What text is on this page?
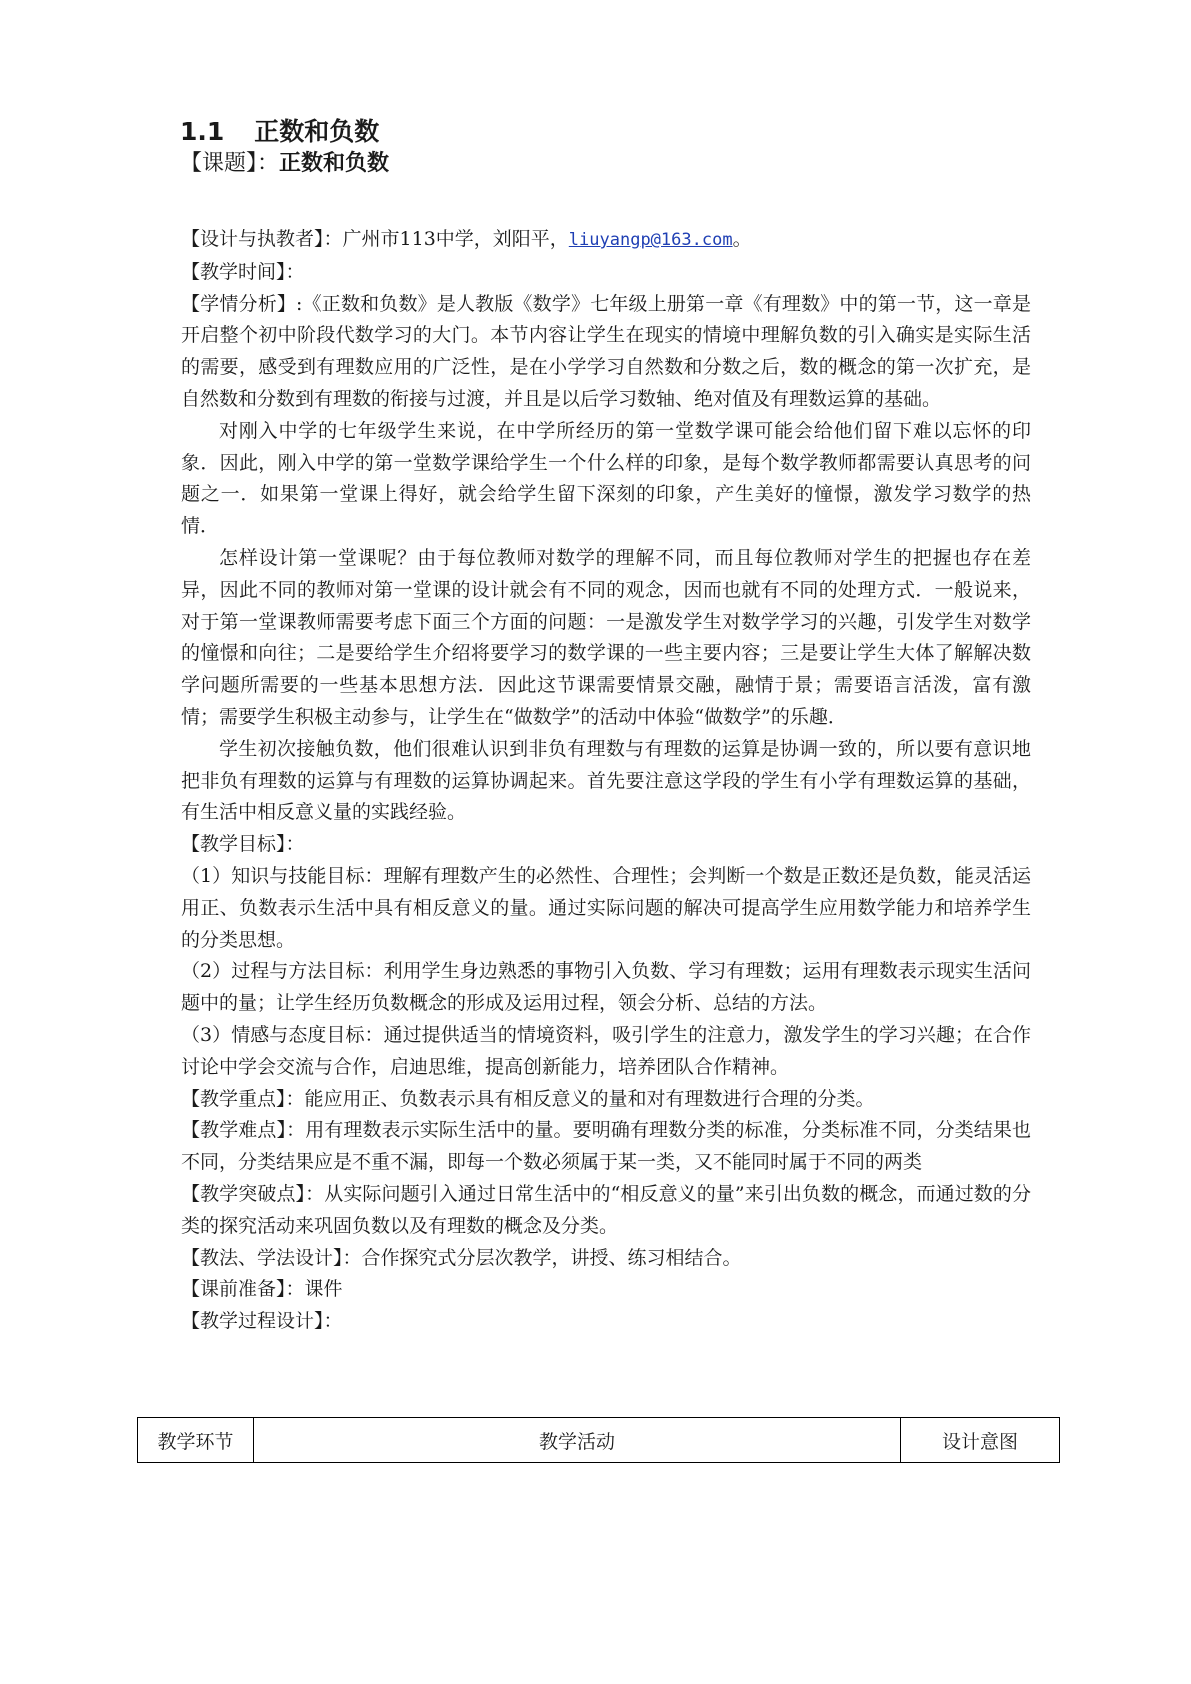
1.1 正数和负数
【课题】：正数和负数

【设计与执教者】：广州市113中学，刘阳平，liuyangp@163.com。

【教学时间】：

【学情分析】:《正数和负数》是人教版《数学》七年级上册第一章《有理数》中的第一节，这一章是开启整个初中阶段代数学习的大门。本节内容让学生在现实的情境中理解负数的引入确实是实际生活的需要，感受到有理数应用的广泛性，是在小学学习自然数和分数之后，数的概念的第一次扩充，是自然数和分数到有理数的衔接与过渡，并且是以后学习数轴、绝对值及有理数运算的基础。

对刚入中学的七年级学生来说，在中学所经历的第一堂数学课可能会给他们留下难以忘怀的印象．因此，刚入中学的第一堂数学课给学生一个什么样的印象，是每个数学教师都需要认真思考的问题之一．如果第一堂课上得好，就会给学生留下深刻的印象，产生美好的憧憬，激发学习数学的热情．

怎样设计第一堂课呢？由于每位教师对数学的理解不同，而且每位教师对学生的把握也存在差异，因此不同的教师对第一堂课的设计就会有不同的观念，因而也就有不同的处理方式．一般说来，对于第一堂课教师需要考虑下面三个方面的问题：一是激发学生对数学学习的兴趣，引发学生对数学的憧憬和向往；二是要给学生介绍将要学习的数学课的一些主要内容；三是要让学生大体了解解决数学问题所需要的一些基本思想方法．因此这节课需要情景交融，融情于景；需要语言活泼，富有激情；需要学生积极主动参与，让学生在“做数学”的活动中体验“做数学”的乐趣．

学生初次接触负数，他们很难认识到非负有理数与有理数的运算是协调一致的，所以要有意识地把非负有理数的运算与有理数的运算协调起来。首先要注意这学段的学生有小学有理数运算的基础，有生活中相反意义量的实践经验。

【教学目标】：

（1）知识与技能目标：理解有理数产生的必然性、合理性；会判断一个数是正数还是负数，能灵活运用正、负数表示生活中具有相反意义的量。通过实际问题的解决可提高学生应用数学能力和培养学生的分类思想。

（2）过程与方法目标：利用学生身边熟悉的事物引入负数、学习有理数；运用有理数表示现实生活问题中的量；让学生经历负数概念的形成及运用过程，领会分析、总结的方法。

（3）情感与态度目标：通过提供适当的情境资料，吸引学生的注意力，激发学生的学习兴趣；在合作讨论中学会交流与合作，启迪思维，提高创新能力，培养团队合作精神。

【教学重点】：能应用正、负数表示具有相反意义的量和对有理数进行合理的分类。

【教学难点】：用有理数表示实际生活中的量。要明确有理数分类的标准，分类标准不同，分类结果也不同，分类结果应是不重不漏，即每一个数必须属于某一类，又不能同时属于不同的两类

【教学突破点】：从实际问题引入通过日常生活中的“相反意义的量”来引出负数的概念，而通过数的分类的探究活动来巩固负数以及有理数的概念及分类。

【教法、学法设计】：合作探究式分层次教学，讲授、练习相结合。

【课前准备】：课件

【教学过程设计】：

教学环节	教学活动	设计意图
